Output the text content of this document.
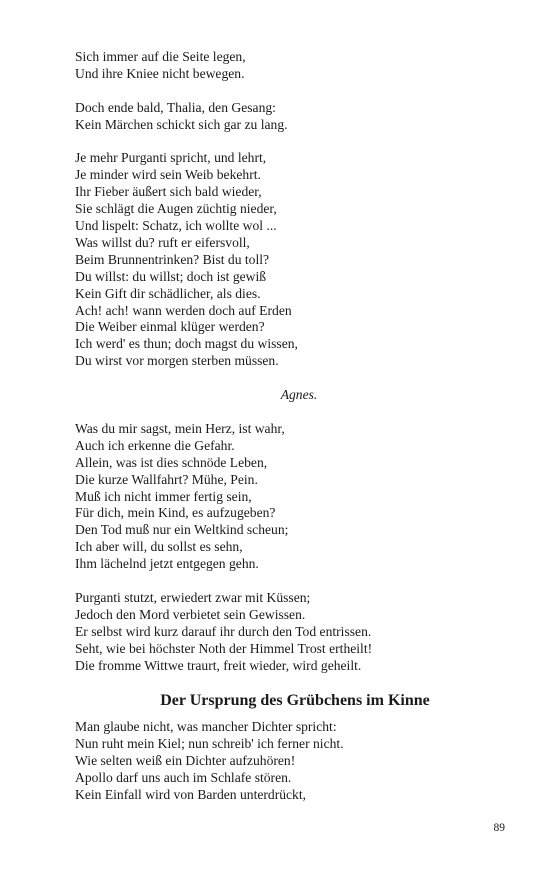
Sich immer auf die Seite legen,
Und ihre Kniee nicht bewegen.
Doch ende bald, Thalia, den Gesang:
Kein Märchen schickt sich gar zu lang.
Je mehr Purganti spricht, und lehrt,
Je minder wird sein Weib bekehrt.
Ihr Fieber äußert sich bald wieder,
Sie schlägt die Augen züchtig nieder,
Und lispelt: Schatz, ich wollte wol ...
Was willst du? ruft er eifersvoll,
Beim Brunnentrinken? Bist du toll?
Du willst: du willst; doch ist gewiß
Kein Gift dir schädlicher, als dies.
Ach! ach! wann werden doch auf Erden
Die Weiber einmal klüger werden?
Ich werd' es thun; doch magst du wissen,
Du wirst vor morgen sterben müssen.
Agnes.
Was du mir sagst, mein Herz, ist wahr,
Auch ich erkenne die Gefahr.
Allein, was ist dies schnöde Leben,
Die kurze Wallfahrt? Mühe, Pein.
Muß ich nicht immer fertig sein,
Für dich, mein Kind, es aufzugeben?
Den Tod muß nur ein Weltkind scheun;
Ich aber will, du sollst es sehn,
Ihm lächelnd jetzt entgegen gehn.
Purganti stutzt, erwiedert zwar mit Küssen;
Jedoch den Mord verbietet sein Gewissen.
Er selbst wird kurz darauf ihr durch den Tod entrissen.
Seht, wie bei höchster Noth der Himmel Trost ertheilt!
Die fromme Wittwe traurt, freit wieder, wird geheilt.
Der Ursprung des Grübchens im Kinne
Man glaube nicht, was mancher Dichter spricht:
Nun ruht mein Kiel; nun schreib' ich ferner nicht.
Wie selten weiß ein Dichter aufzuhören!
Apollo darf uns auch im Schlafe stören.
Kein Einfall wird von Barden unterdrückt,
89
